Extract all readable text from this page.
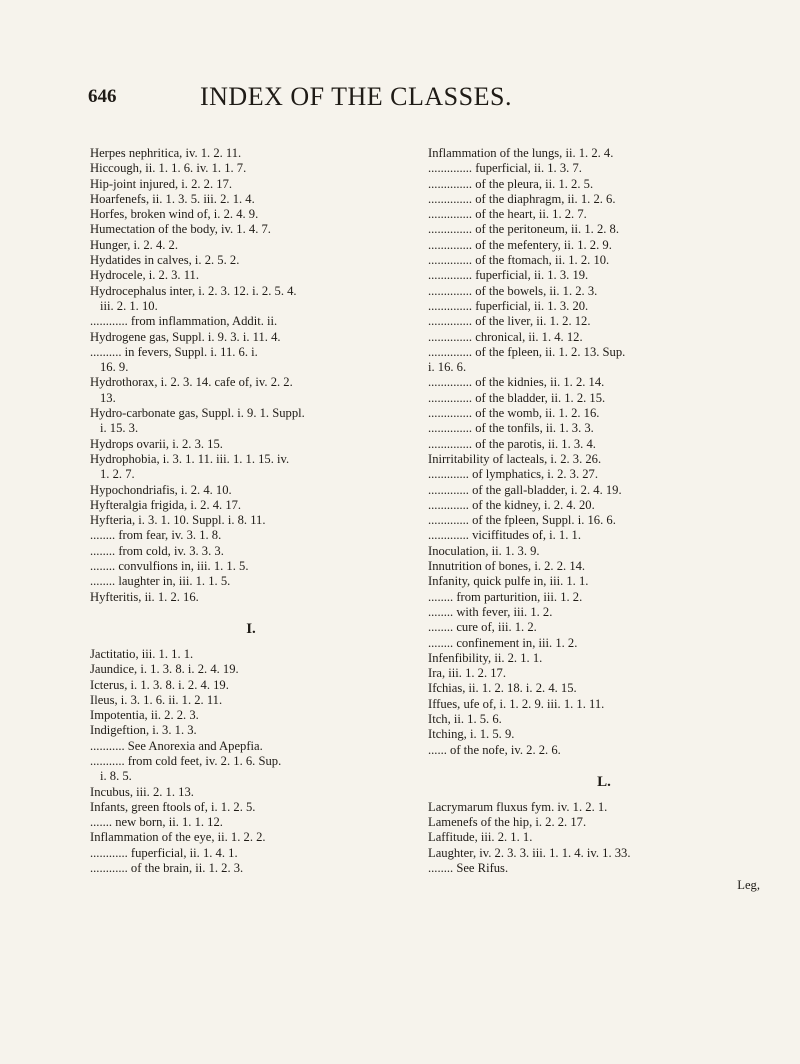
646	INDEX OF THE CLASSES.
Herpes nephritica, iv. 1. 2. 11.
Hiccough, ii. 1. 1. 6. iv. 1. 1. 7.
Hip-joint injured, i. 2. 2. 17.
Hoarfenefs, ii. 1. 3. 5. iii. 2. 1. 4.
Horfes, broken wind of, i. 2. 4. 9.
Humectation of the body, iv. 1. 4. 7.
Hunger, i. 2. 4. 2.
Hydatides in calves, i. 2. 5. 2.
Hydrocele, i. 2. 3. 11.
Hydrocephalus inter, i. 2. 3. 12. i. 2. 5. 4.
iii. 2. 1. 10.
............ from inflammation, Addit. ii.
Hydrogene gas, Suppl. i. 9. 3. i. 11. 4.
.......... in fevers, Suppl. i. 11. 6. i.
16. 9.
Hydrothorax, i. 2. 3. 14. cafe of, iv. 2. 2.
13.
Hydro-carbonate gas, Suppl. i. 9. 1. Suppl.
i. 15. 3.
Hydrops ovarii, i. 2. 3. 15.
Hydrophobia, i. 3. 1. 11. iii. 1. 1. 15. iv.
1. 2. 7.
Hypochondriafis, i. 2. 4. 10.
Hyfteralgia frigida, i. 2. 4. 17.
Hyfteria, i. 3. 1. 10. Suppl. i. 8. 11.
........ from fear, iv. 3. 1. 8.
........ from cold, iv. 3. 3. 3.
........ convulfions in, iii. 1. 1. 5.
........ laughter in, iii. 1. 1. 5.
Hyfteritis, ii. 1. 2. 16.
I.
Jactitatio, iii. 1. 1. 1.
Jaundice, i. 1. 3. 8. i. 2. 4. 19.
Icterus, i. 1. 3. 8. i. 2. 4. 19.
Ileus, i. 3. 1. 6. ii. 1. 2. 11.
Impotentia, ii. 2. 2. 3.
Indigeftion, i. 3. 1. 3.
........... See Anorexia and Apepfia.
........... from cold feet, iv. 2. 1. 6. Sup.
i. 8. 5.
Incubus, iii. 2. 1. 13.
Infants, green ftools of, i. 1. 2. 5.
....... new born, ii. 1. 1. 12.
Inflammation of the eye, ii. 1. 2. 2.
............ fuperficial, ii. 1. 4. 1.
............ of the brain, ii. 1. 2. 3.
Inflammation of the lungs, ii. 1. 2. 4.
.............. fuperficial, ii. 1. 3. 7.
.............. of the pleura, ii. 1. 2. 5.
.............. of the diaphragm, ii. 1. 2. 6.
.............. of the heart, ii. 1. 2. 7.
.............. of the peritoneum, ii. 1. 2. 8.
.............. of the mefentery, ii. 1. 2. 9.
.............. of the ftomach, ii. 1. 2. 10.
.............. fuperficial, ii. 1. 3. 19.
.............. of the bowels, ii. 1. 2. 3.
.............. fuperficial, ii. 1. 3. 20.
.............. of the liver, ii. 1. 2. 12.
.............. chronical, ii. 1. 4. 12.
.............. of the fpleen, ii. 1. 2. 13. Sup.
i. 16. 6.
.............. of the kidnies, ii. 1. 2. 14.
.............. of the bladder, ii. 1. 2. 15.
.............. of the womb, ii. 1. 2. 16.
.............. of the tonfils, ii. 1. 3. 3.
.............. of the parotis, ii. 1. 3. 4.
Inirritability of lacteals, i. 2. 3. 26.
............. of lymphatics, i. 2. 3. 27.
............. of the gall-bladder, i. 2. 4. 19.
............. of the kidney, i. 2. 4. 20.
............. of the fpleen, Suppl. i. 16. 6.
............. viciffitudes of, i. 1. 1.
Inoculation, ii. 1. 3. 9.
Innutrition of bones, i. 2. 2. 14.
Infanity, quick pulfe in, iii. 1. 1.
........ from parturition, iii. 1. 2.
........ with fever, iii. 1. 2.
........ cure of, iii. 1. 2.
........ confinement in, iii. 1. 2.
Infenfibility, ii. 2. 1. 1.
Ira, iii. 1. 2. 17.
Ifchias, ii. 1. 2. 18. i. 2. 4. 15.
Iffues, ufe of, i. 1. 2. 9. iii. 1. 1. 11.
Itch, ii. 1. 5. 6.
Itching, i. 1. 5. 9.
...... of the nofe, iv. 2. 2. 6.
L.
Lacrymarum fluxus fym. iv. 1. 2. 1.
Lamenefs of the hip, i. 2. 2. 17.
Laffitude, iii. 2. 1. 1.
Laughter, iv. 2. 3. 3. iii. 1. 1. 4. iv. 1. 33.
........ See Rifus.
Leg,
